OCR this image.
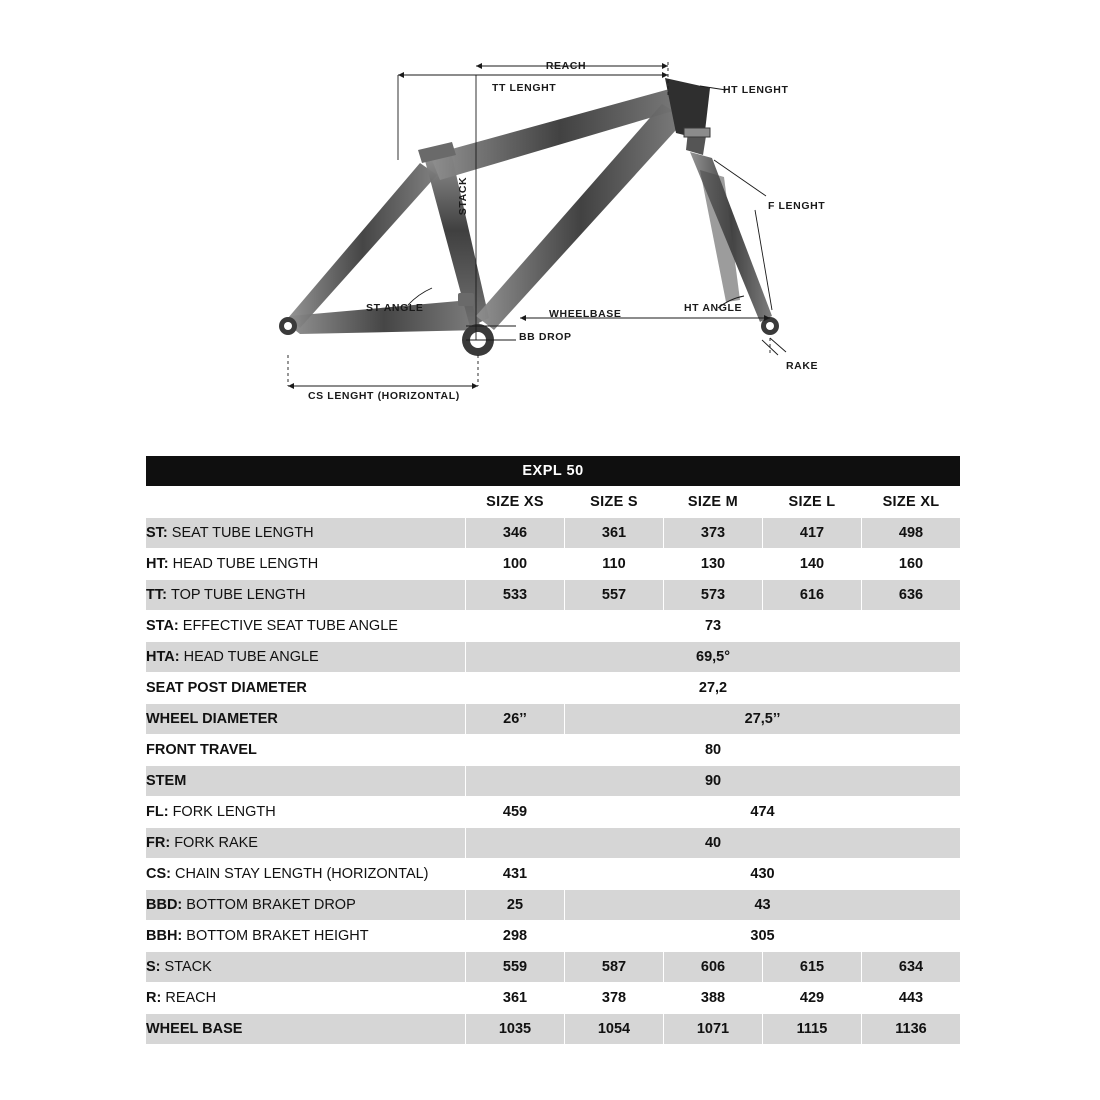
REACH
TT LENGHT	HT LENGHT
STACK	F LENGHT
ST ANGLE	WHEELBASE	HT ANGLE
BB DROP
RAKE
CS LENGHT (HORIZONTAL)
EXPL 50					
	SIZE XS	SIZE S	SIZE M	SIZE L	SIZE XL
ST: SEAT TUBE LENGTH	346	361	373	417	498
HT: HEAD TUBE LENGTH	100	110	130	140	160
TT: TOP TUBE LENGTH	533	557	573	616	636
STA: EFFECTIVE SEAT TUBE ANGLE	73				
HTA: HEAD TUBE ANGLE	69,5°				
SEAT POST DIAMETER	27,2				
WHEEL DIAMETER	26’’	27,5’’			
FRONT TRAVEL	80				
STEM	90				
FL: FORK LENGTH	459	474			
FR: FORK RAKE	40				
CS: CHAIN STAY LENGTH (HORIZONTAL)	431	430			
BBD: BOTTOM BRAKET DROP	25	43			
BBH: BOTTOM BRAKET HEIGHT	298	305			
S: STACK	559	587	606	615	634
R: REACH	361	378	388	429	443
WHEEL BASE	1035	1054	1071	1115	1136
